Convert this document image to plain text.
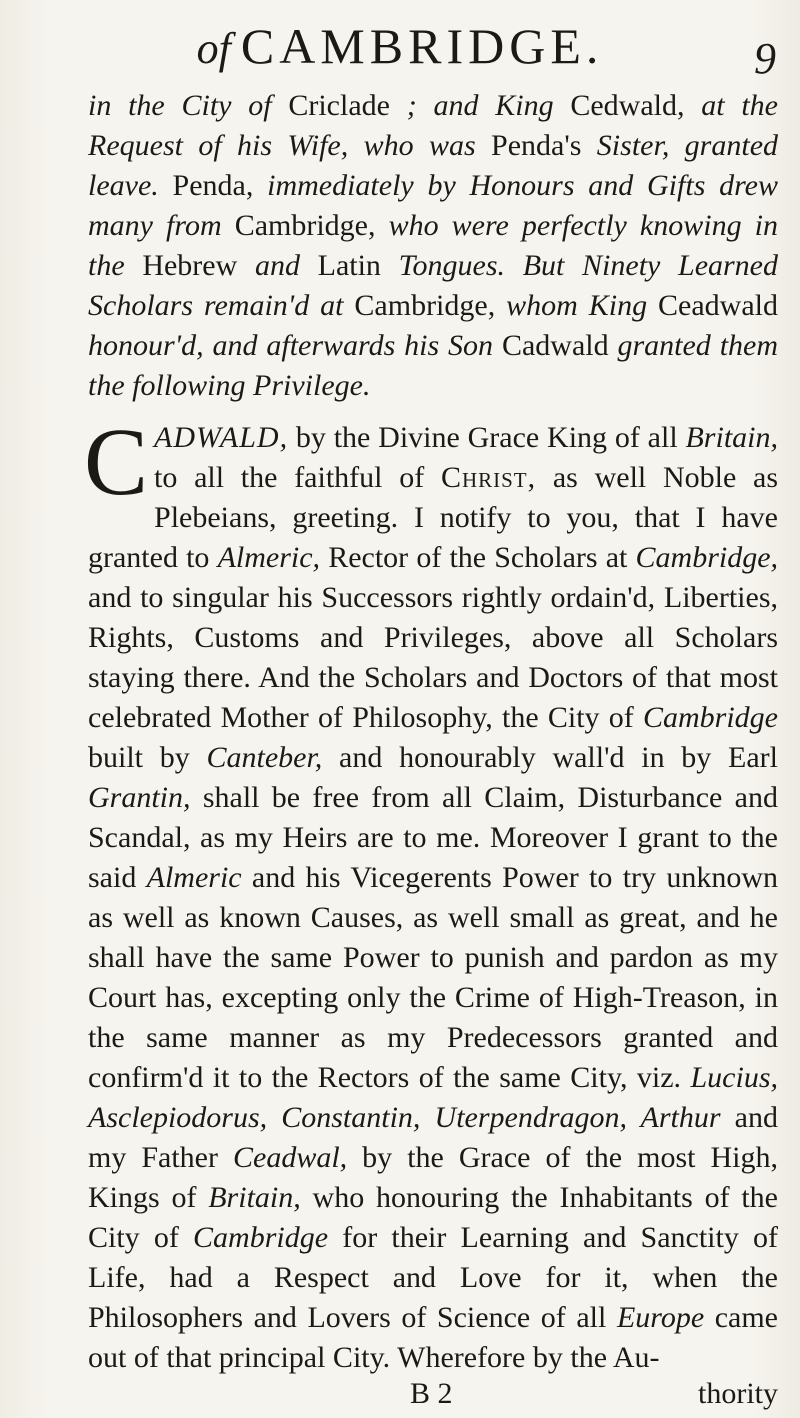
of CAMBRIDGE.	9

in the City of Criclade ; and King Cedwald, at the Request of his Wife, who was Penda's Sister, granted leave. Penda, immediately by Honours and Gifts drew many from Cambridge, who were perfectly knowing in the Hebrew and Latin Tongues. But Ninety Learned Scholars remain'd at Cambridge, whom King Ceadwald honour'd, and afterwards his Son Cadwald granted them the following Privilege.

CADWALD, by the Divine Grace King of all Britain, to all the faithful of Christ, as well Noble as Plebeians, greeting. I notify to you, that I have granted to Almeric, Rector of the Scholars at Cambridge, and to singular his Successors rightly ordain'd, Liberties, Rights, Customs and Privileges, above all Scholars staying there. And the Scholars and Doctors of that most celebrated Mother of Philosophy, the City of Cambridge built by Canteber, and honourably wall'd in by Earl Grantin, shall be free from all Claim, Disturbance and Scandal, as my Heirs are to me. Moreover I grant to the said Almeric and his Vicegerents Power to try unknown as well as known Causes, as well small as great, and he shall have the same Power to punish and pardon as my Court has, excepting only the Crime of High-Treason, in the same manner as my Predecessors granted and confirm'd it to the Rectors of the same City, viz. Lucius, Asclepiodorus, Constantin, Uterpendragon, Arthur and my Father Ceadwal, by the Grace of the most High, Kings of Britain, who honouring the Inhabitants of the City of Cambridge for their Learning and Sanctity of Life, had a Respect and Love for it, when the Philosophers and Lovers of Science of all Europe came out of that principal City. Wherefore by the Au-

B 2	thority
